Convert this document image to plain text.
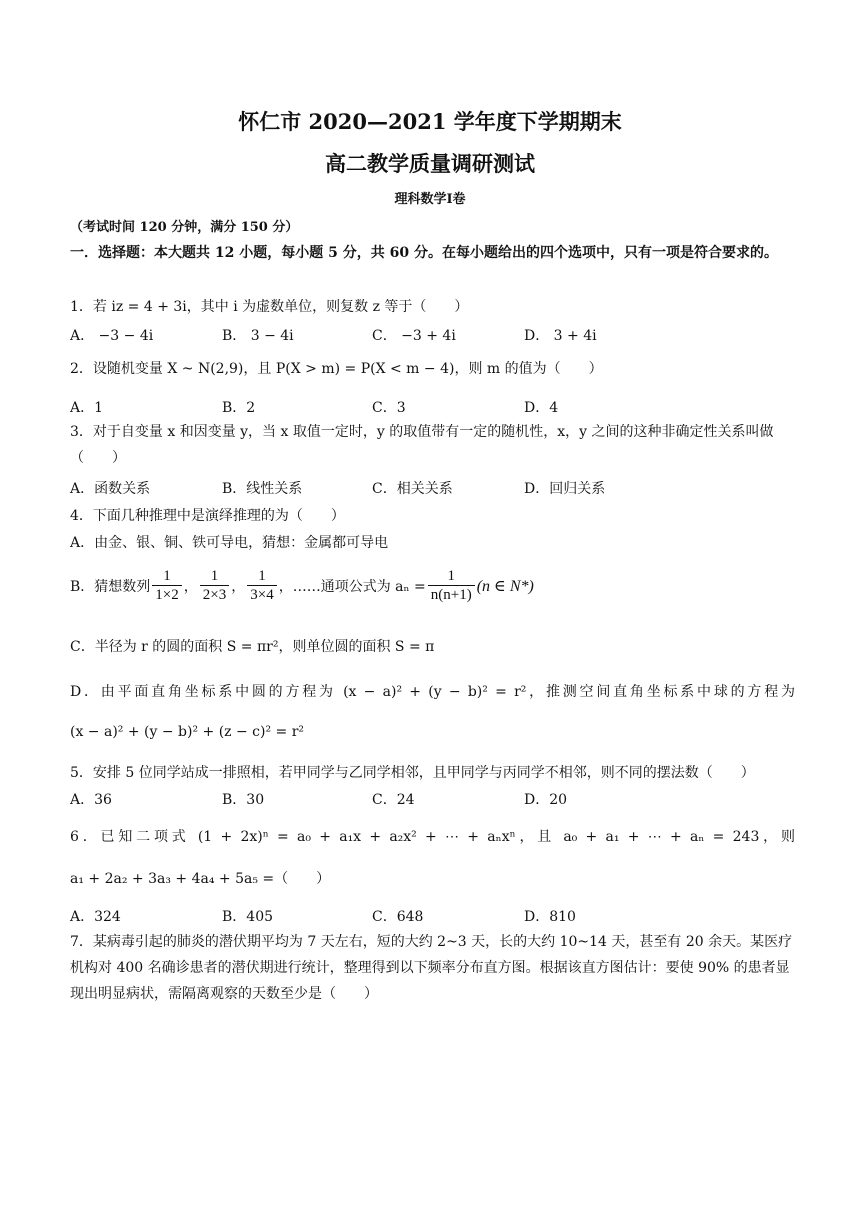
怀仁市 2020—2021 学年度下学期期末
高二教学质量调研测试
理科数学Ⅰ卷
（考试时间 120 分钟，满分 150 分）
一．选择题：本大题共 12 小题，每小题 5 分，共 60 分。在每小题给出的四个选项中，只有一项是符合要求的。
1．若 iz = 4 + 3i，其中 i 为虚数单位，则复数 z 等于（　　）
A． −3 − 4i	B． 3 − 4i	C． −3 + 4i	D． 3 + 4i
2．设随机变量 X ~ N(2,9)，且 P(X > m) = P(X < m − 4)，则 m 的值为（　　）
A．1	B．2	C．3	D．4
3．对于自变量 x 和因变量 y，当 x 取值一定时，y 的取值带有一定的随机性，x，y 之间的这种非确定性关系叫做（　　）
A．函数关系	B．线性关系	C．相关关系	D．回归关系
4．下面几种推理中是演绎推理的为（　　）
A．由金、银、铜、铁可导电，猜想：金属都可导电
B．猜想数列 $\frac{1}{1\times 2}$ ， $\frac{1}{2\times 3}$ ， $\frac{1}{3\times 4}$ ，……通项公式为 $a_n = \frac{1}{n(n+1)} (n$ ∈ N*)
C．半径为 r 的圆的面积 S = πr²，则单位圆的面积 S = π
D．由平面直角坐标系中圆的方程为 (x − a)² + (y − b)² = r²，推测空间直角坐标系中球的方程为
(x − a)² + (y − b)² + (z − c)² = r²
5．安排 5 位同学站成一排照相，若甲同学与乙同学相邻，且甲同学与丙同学不相邻，则不同的摆法数（　　）
A．36	B．30	C．24	D．20
6．已知二项式 (1 + 2x)ⁿ = a₀ + a₁x + a₂x² + ⋯ + aₙxⁿ，且 a₀ + a₁ + ⋯ + aₙ = 243，则
a₁ + 2a₂ + 3a₃ + 4a₄ + 5a₅ =（　　）
A．324	B．405	C．648	D．810
7．某病毒引起的肺炎的潜伏期平均为 7 天左右，短的大约 2~3 天，长的大约 10~14 天，甚至有 20 余天。某医疗机构对 400 名确诊患者的潜伏期进行统计，整理得到以下频率分布直方图。根据该直方图估计：要使 90% 的患者显现出明显病状，需隔离观察的天数至少是（　　）
